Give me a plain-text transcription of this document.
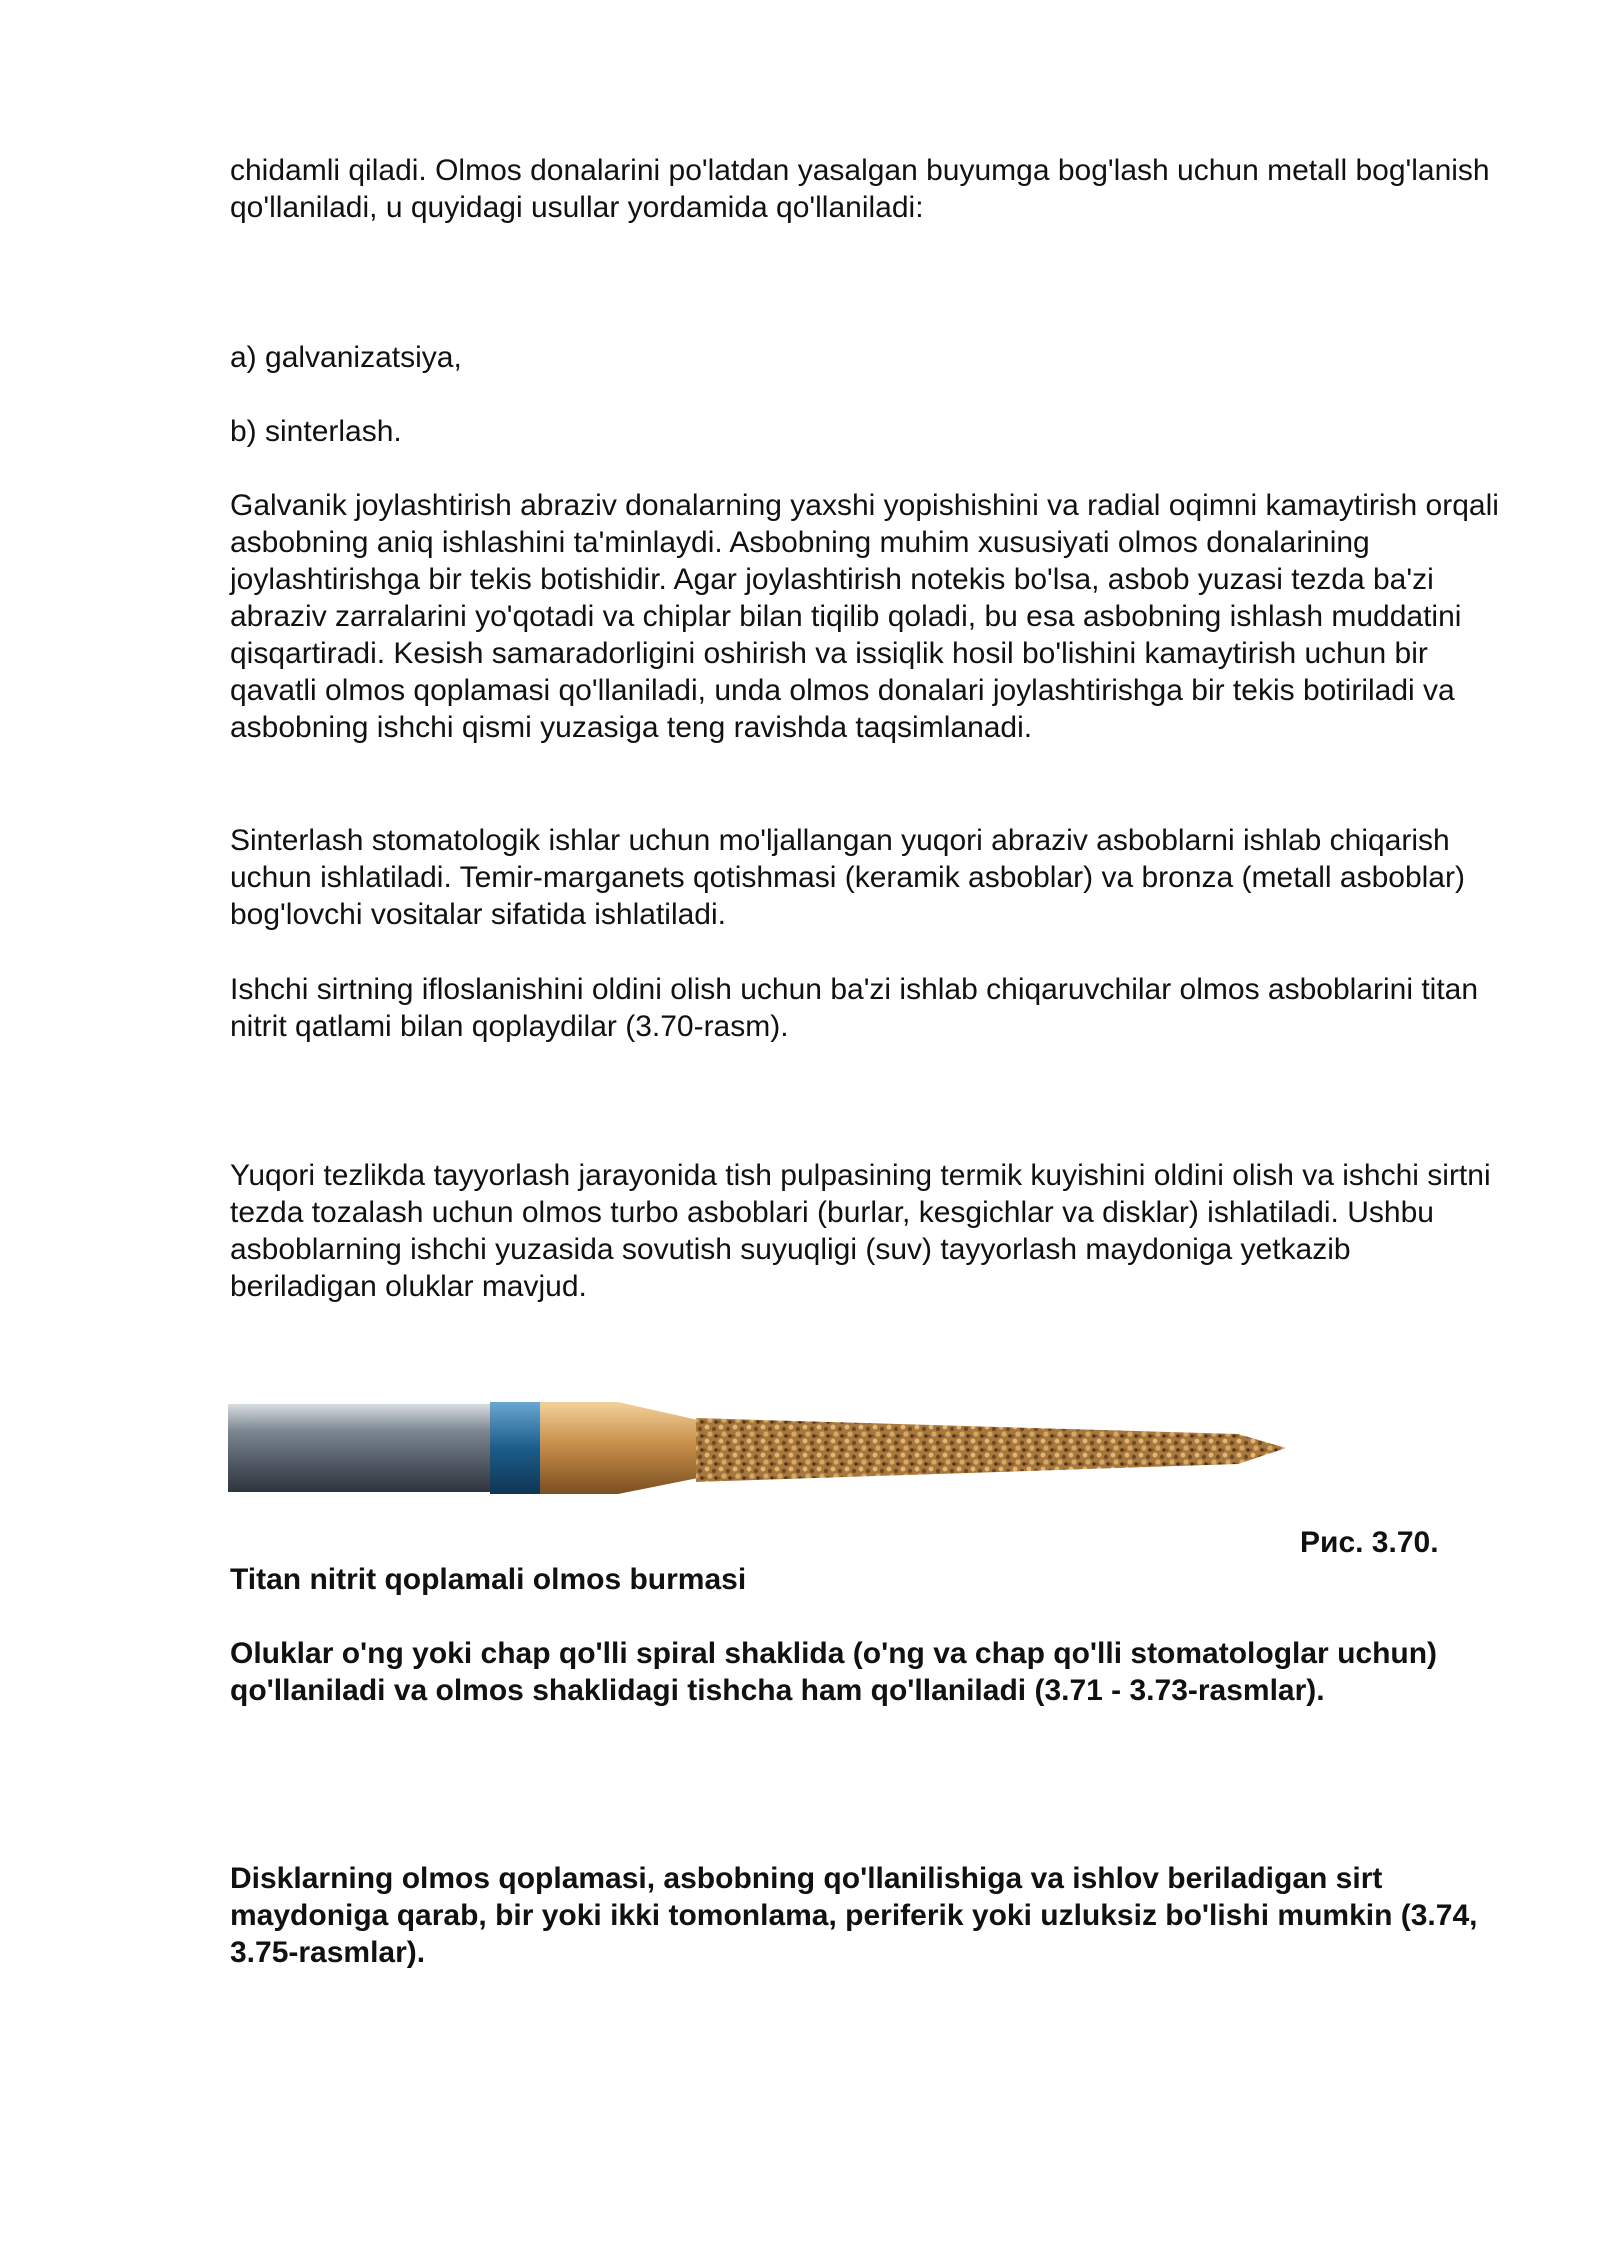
chidamli qiladi. Olmos donalarini po'latdan yasalgan buyumga bog'lash uchun metall bog'lanish qo'llaniladi, u quyidagi usullar yordamida qo'llaniladi:

a) galvanizatsiya,

b) sinterlash.

Galvanik joylashtirish abraziv donalarning yaxshi yopishishini va radial oqimni kamaytirish orqali asbobning aniq ishlashini ta'minlaydi. Asbobning muhim xususiyati olmos donalarining joylashtirishga bir tekis botishidir. Agar joylashtirish notekis bo'lsa, asbob yuzasi tezda ba'zi abraziv zarralarini yo'qotadi va chiplar bilan tiqilib qoladi, bu esa asbobning ishlash muddatini qisqartiradi. Kesish samaradorligini oshirish va issiqlik hosil bo'lishini kamaytirish uchun bir qavatli olmos qoplamasi qo'llaniladi, unda olmos donalari joylashtirishga bir tekis botiriladi va asbobning ishchi qismi yuzasiga teng ravishda taqsimlanadi.

Sinterlash stomatologik ishlar uchun mo'ljallangan yuqori abraziv asboblarni ishlab chiqarish uchun ishlatiladi. Temir-marganets qotishmasi (keramik asboblar) va bronza (metall asboblar) bog'lovchi vositalar sifatida ishlatiladi.

Ishchi sirtning ifloslanishini oldini olish uchun ba'zi ishlab chiqaruvchilar olmos asboblarini titan nitrit qatlami bilan qoplaydilar (3.70-rasm).

Yuqori tezlikda tayyorlash jarayonida tish pulpasining termik kuyishini oldini olish va ishchi sirtni tezda tozalash uchun olmos turbo asboblari (burlar, kesgichlar va disklar) ishlatiladi. Ushbu asboblarning ishchi yuzasida sovutish suyuqligi (suv) tayyorlash maydoniga yetkazib beriladigan oluklar mavjud.

Рис. 3.70.

Titan nitrit qoplamali olmos burmasi

Oluklar o'ng yoki chap qo'lli spiral shaklida (o'ng va chap qo'lli stomatologlar uchun) qo'llaniladi va olmos shaklidagi tishcha ham qo'llaniladi (3.71 - 3.73-rasmlar).

Disklarning olmos qoplamasi, asbobning qo'llanilishiga va ishlov beriladigan sirt maydoniga qarab, bir yoki ikki tomonlama, periferik yoki uzluksiz bo'lishi mumkin (3.74, 3.75-rasmlar).
